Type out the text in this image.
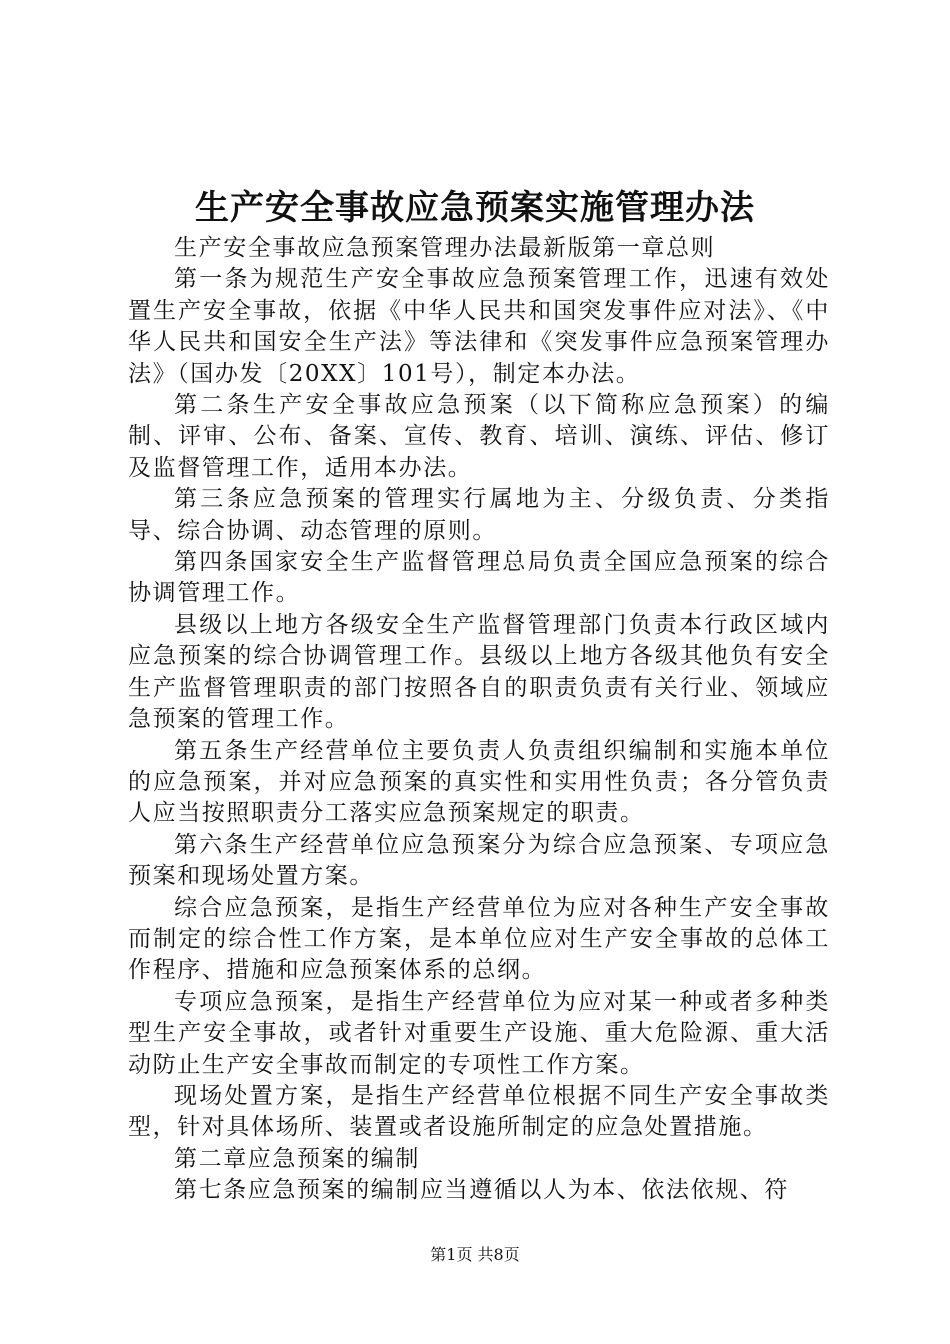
生产安全事故应急预案实施管理办法

生产安全事故应急预案管理办法最新版第一章总则

第一条为规范生产安全事故应急预案管理工作，迅速有效处置生产安全事故，依据《中华人民共和国突发事件应对法》、《中华人民共和国安全生产法》等法律和《突发事件应急预案管理办法》（国办发〔20XX〕101号），制定本办法。

第二条生产安全事故应急预案（以下简称应急预案）的编制、评审、公布、备案、宣传、教育、培训、演练、评估、修订及监督管理工作，适用本办法。

第三条应急预案的管理实行属地为主、分级负责、分类指导、综合协调、动态管理的原则。

第四条国家安全生产监督管理总局负责全国应急预案的综合协调管理工作。

县级以上地方各级安全生产监督管理部门负责本行政区域内应急预案的综合协调管理工作。县级以上地方各级其他负有安全生产监督管理职责的部门按照各自的职责负责有关行业、领域应急预案的管理工作。

第五条生产经营单位主要负责人负责组织编制和实施本单位的应急预案，并对应急预案的真实性和实用性负责；各分管负责人应当按照职责分工落实应急预案规定的职责。

第六条生产经营单位应急预案分为综合应急预案、专项应急预案和现场处置方案。

综合应急预案，是指生产经营单位为应对各种生产安全事故而制定的综合性工作方案，是本单位应对生产安全事故的总体工作程序、措施和应急预案体系的总纲。

专项应急预案，是指生产经营单位为应对某一种或者多种类型生产安全事故，或者针对重要生产设施、重大危险源、重大活动防止生产安全事故而制定的专项性工作方案。

现场处置方案，是指生产经营单位根据不同生产安全事故类型，针对具体场所、装置或者设施所制定的应急处置措施。

第二章应急预案的编制

第七条应急预案的编制应当遵循以人为本、依法依规、符

第1页 共8页
